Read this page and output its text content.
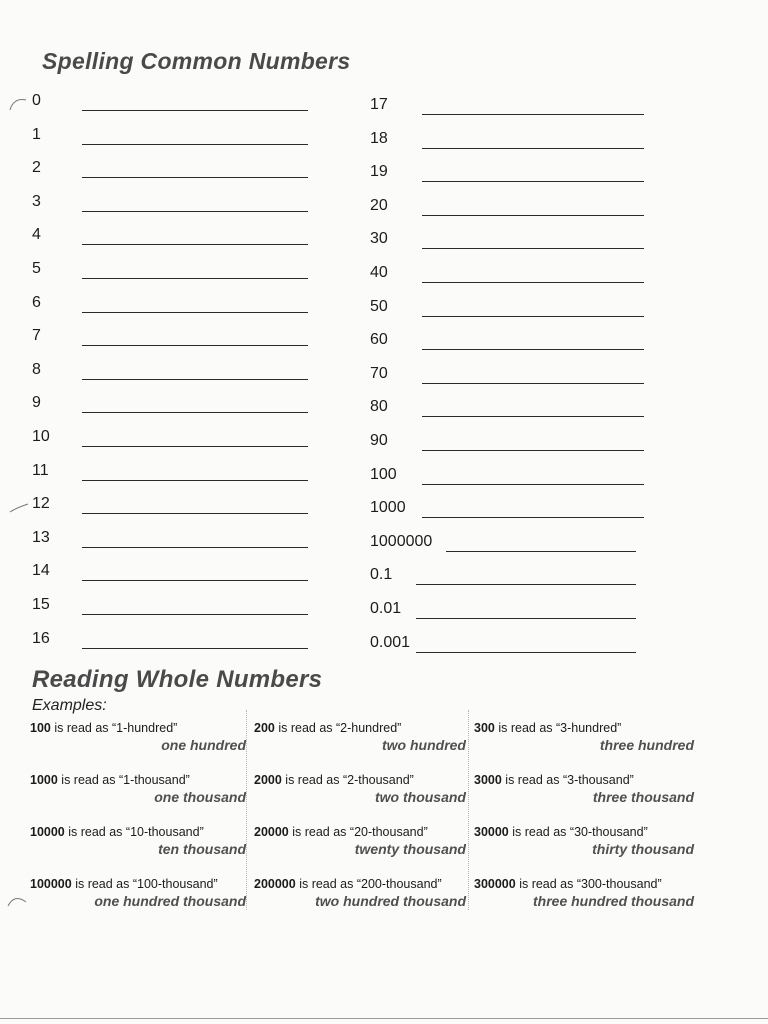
Spelling Common Numbers
0
1
2
3
4
5
6
7
8
9
10
11
12
13
14
15
16
17
18
19
20
30
40
50
60
70
80
90
100
1000
1000000
0.1
0.01
0.001
Reading Whole Numbers
Examples:
100 is read as “1-hundred”
one hundred
1000 is read as “1-thousand”
one thousand
10000 is read as “10-thousand”
ten thousand
100000 is read as “100-thousand”
one hundred thousand
200 is read as “2-hundred”
two hundred
2000 is read as “2-thousand”
two thousand
20000 is read as “20-thousand”
twenty thousand
200000 is read as “200-thousand”
two hundred thousand
300 is read as “3-hundred”
three hundred
3000 is read as “3-thousand”
three thousand
30000 is read as “30-thousand”
thirty thousand
300000 is read as “300-thousand”
three hundred thousand
